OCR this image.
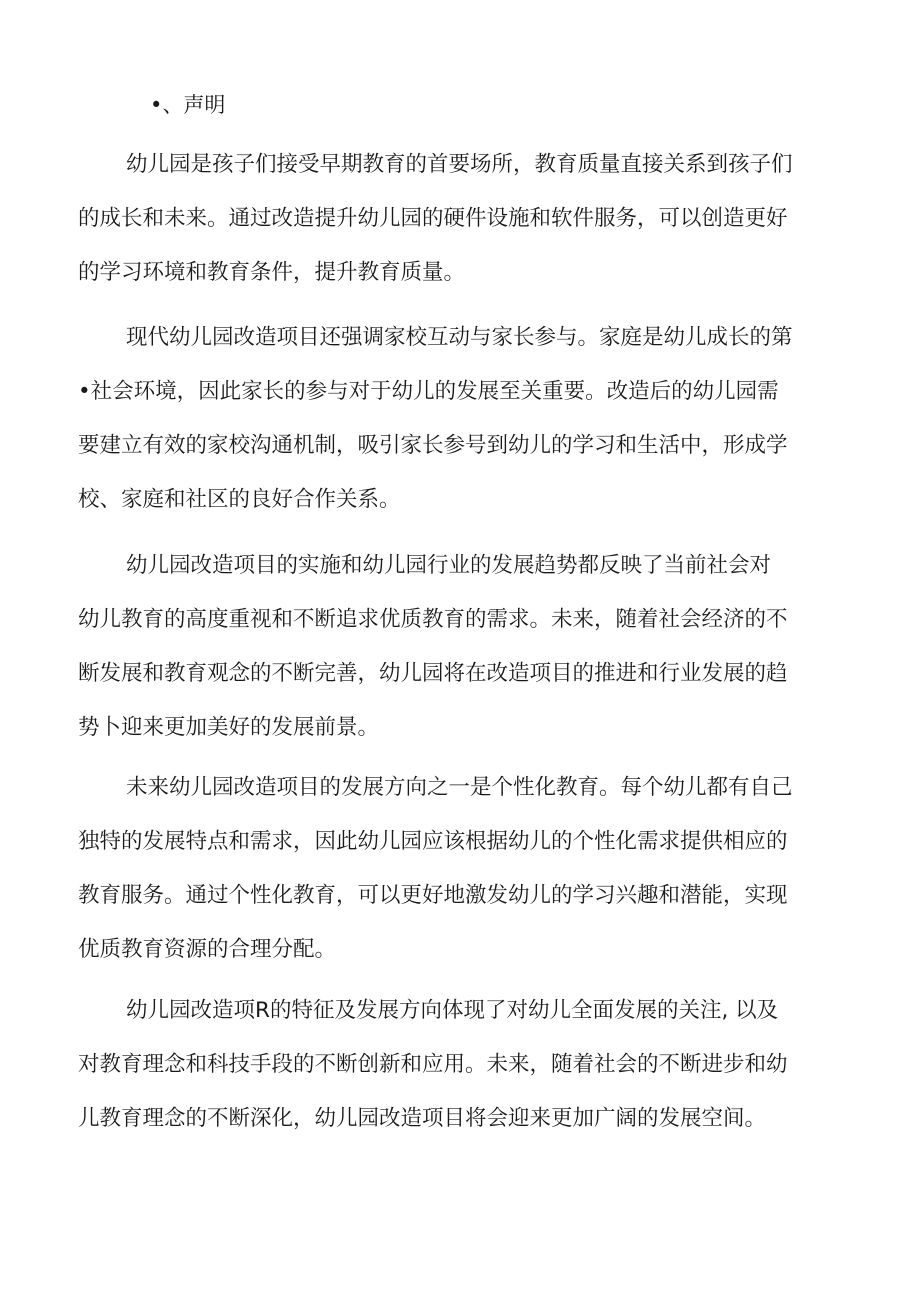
•、声明
幼儿园是孩子们接受早期教育的首要场所，教育质量直接关系到孩子们
的成长和未来。通过改造提升幼儿园的硬件设施和软件服务，可以创造更好
的学习环境和教育条件，提升教育质量。
现代幼儿园改造项目还强调家校互动与家长参与。家庭是幼儿成长的第
•社会环境，因此家长的参与对于幼儿的发展至关重要。改造后的幼儿园需
要建立有效的家校沟通机制，吸引家长参号到幼儿的学习和生活中，形成学
校、家庭和社区的良好合作关系。
幼儿园改造项目的实施和幼儿园行业的发展趋势都反映了当前社会对
幼儿教育的高度重视和不断追求优质教育的需求。未来，随着社会经济的不
断发展和教育观念的不断完善，幼儿园将在改造项目的推进和行业发展的趋
势卜迎来更加美好的发展前景。
未来幼儿园改造项目的发展方向之一是个性化教育。每个幼儿都有自己
独特的发展特点和需求，因此幼儿园应该根据幼儿的个性化需求提供相应的
教育服务。通过个性化教育，可以更好地激发幼儿的学习兴趣和潜能，实现
优质教育资源的合理分配。
幼儿园改造项R的特征及发展方向体现了对幼儿全面发展的关注, 以及
对教育理念和科技手段的不断创新和应用。未来，随着社会的不断进步和幼
儿教育理念的不断深化，幼儿园改造项目将会迎来更加广阔的发展空间。
